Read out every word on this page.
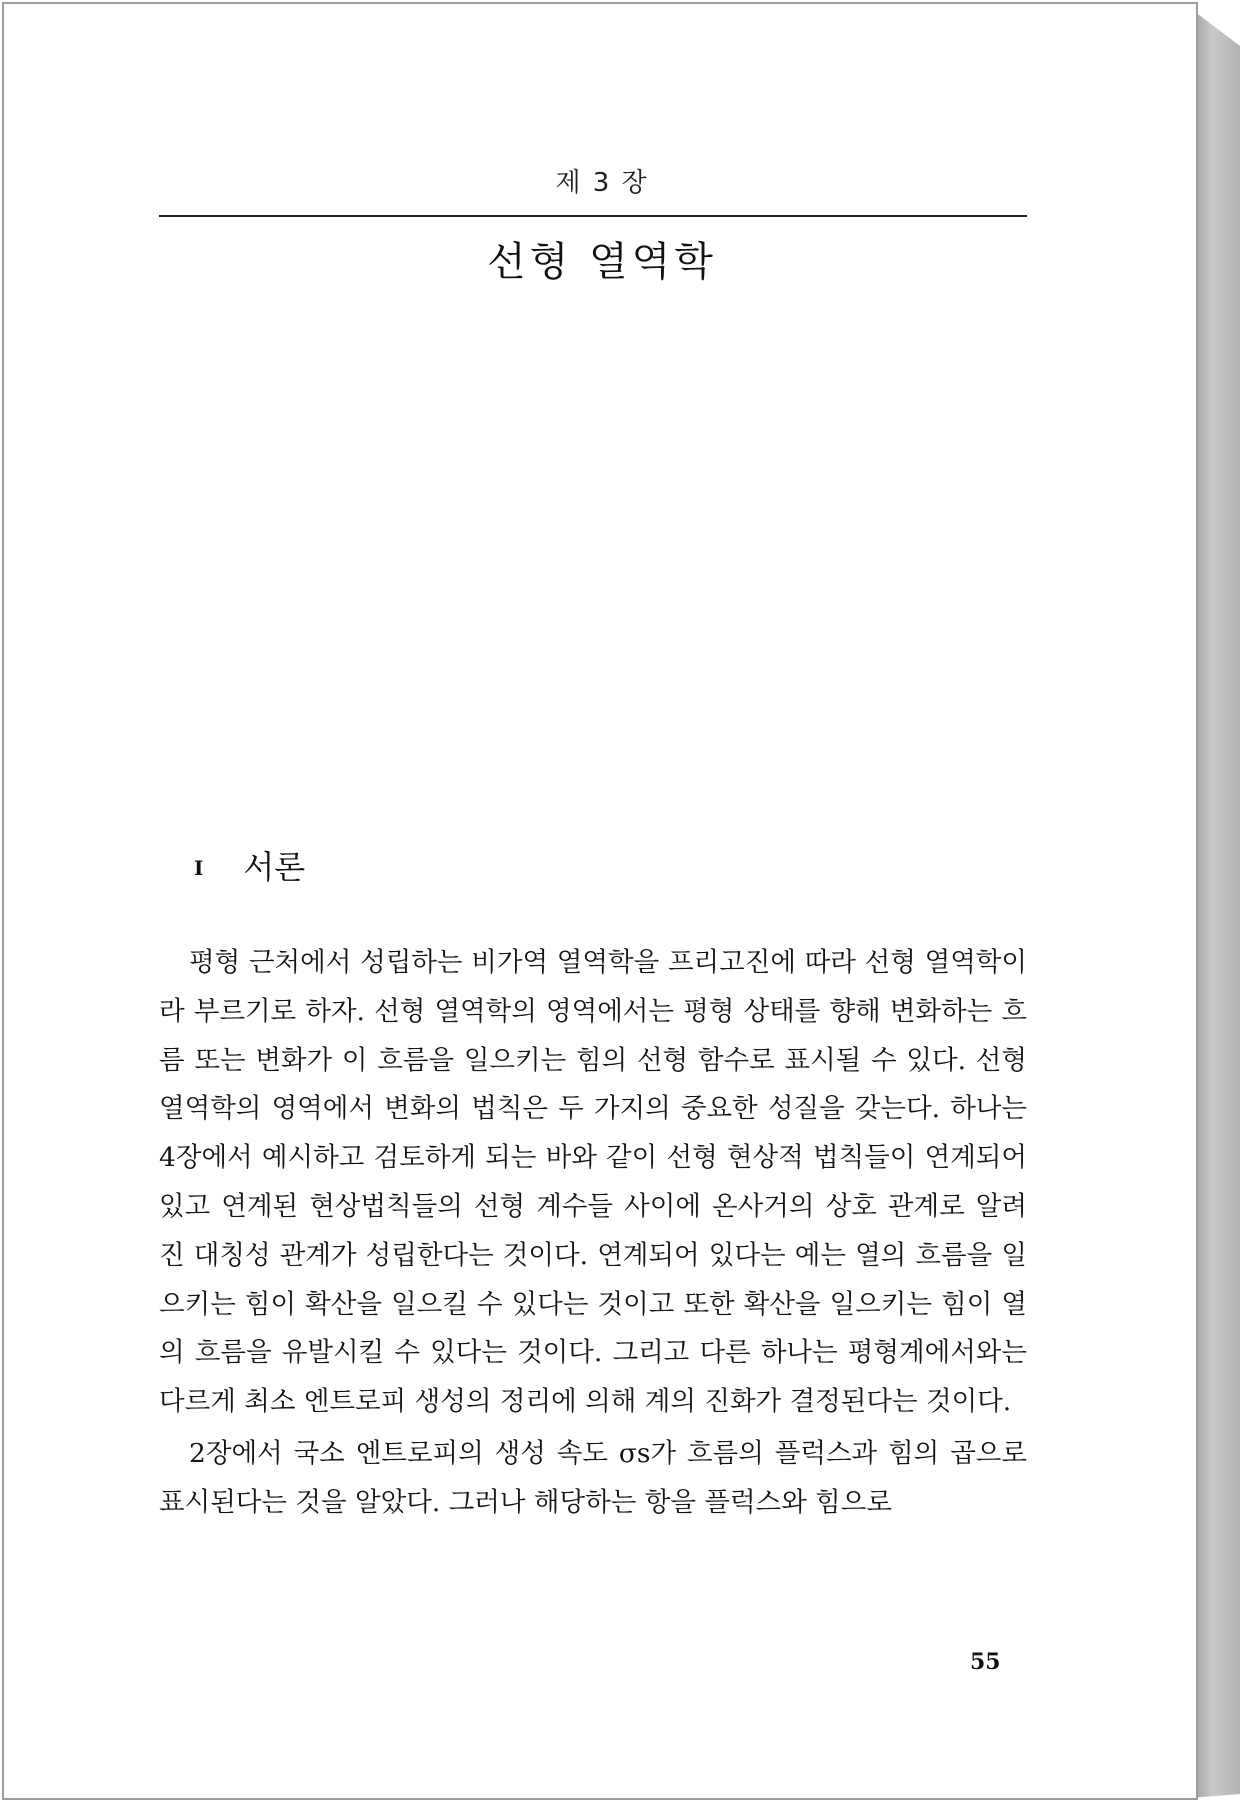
제 3 장
선형 열역학
I 서론

평형 근처에서 성립하는 비가역 열역학을 프리고진에 따라 선형 열역학이라 부르기로 하자. 선형 열역학의 영역에서는 평형 상태를 향해 변화하는 흐름 또는 변화가 이 흐름을 일으키는 힘의 선형 함수로 표시될 수 있다. 선형 열역학의 영역에서 변화의 법칙은 두 가지의 중요한 성질을 갖는다. 하나는 4장에서 예시하고 검토하게 되는 바와 같이 선형 현상적 법칙들이 연계되어 있고 연계된 현상법칙들의 선형 계수들 사이에 온사거의 상호 관계로 알려진 대칭성 관계가 성립한다는 것이다. 연계되어 있다는 예는 열의 흐름을 일으키는 힘이 확산을 일으킬 수 있다는 것이고 또한 확산을 일으키는 힘이 열의 흐름을 유발시킬 수 있다는 것이다. 그리고 다른 하나는 평형계에서와는 다르게 최소 엔트로피 생성의 정리에 의해 계의 진화가 결정된다는 것이다.

2장에서 국소 엔트로피의 생성 속도 σs가 흐름의 플럭스과 힘의 곱으로 표시된다는 것을 알았다. 그러나 해당하는 항을 플럭스와 힘으로

55
